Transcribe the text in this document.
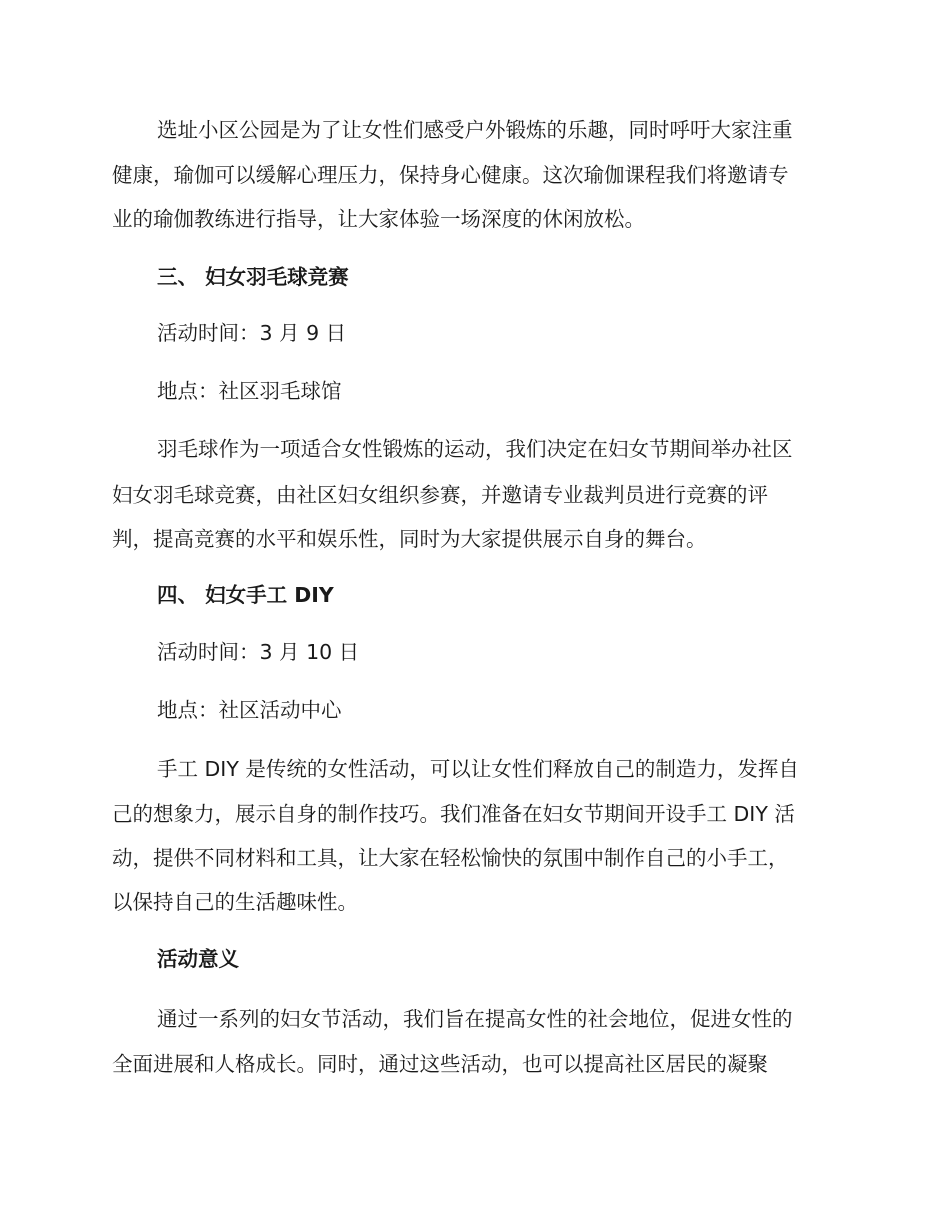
选址小区公园是为了让女性们感受户外锻炼的乐趣，同时呼吁大家注重
健康，瑜伽可以缓解心理压力，保持身心健康。这次瑜伽课程我们将邀请专
业的瑜伽教练进行指导，让大家体验一场深度的休闲放松。
三、 妇女羽毛球竞赛
活动时间：3 月 9 日
地点：社区羽毛球馆
羽毛球作为一项适合女性锻炼的运动，我们决定在妇女节期间举办社区
妇女羽毛球竞赛，由社区妇女组织参赛，并邀请专业裁判员进行竞赛的评
判，提高竞赛的水平和娱乐性，同时为大家提供展示自身的舞台。
四、 妇女手工 DIY
活动时间：3 月 10 日
地点：社区活动中心
手工 DIY 是传统的女性活动，可以让女性们释放自己的制造力，发挥自
己的想象力，展示自身的制作技巧。我们准备在妇女节期间开设手工 DIY 活
动，提供不同材料和工具，让大家在轻松愉快的氛围中制作自己的小手工，
以保持自己的生活趣味性。
活动意义
通过一系列的妇女节活动，我们旨在提高女性的社会地位，促进女性的
全面进展和人格成长。同时，通过这些活动，也可以提高社区居民的凝聚
